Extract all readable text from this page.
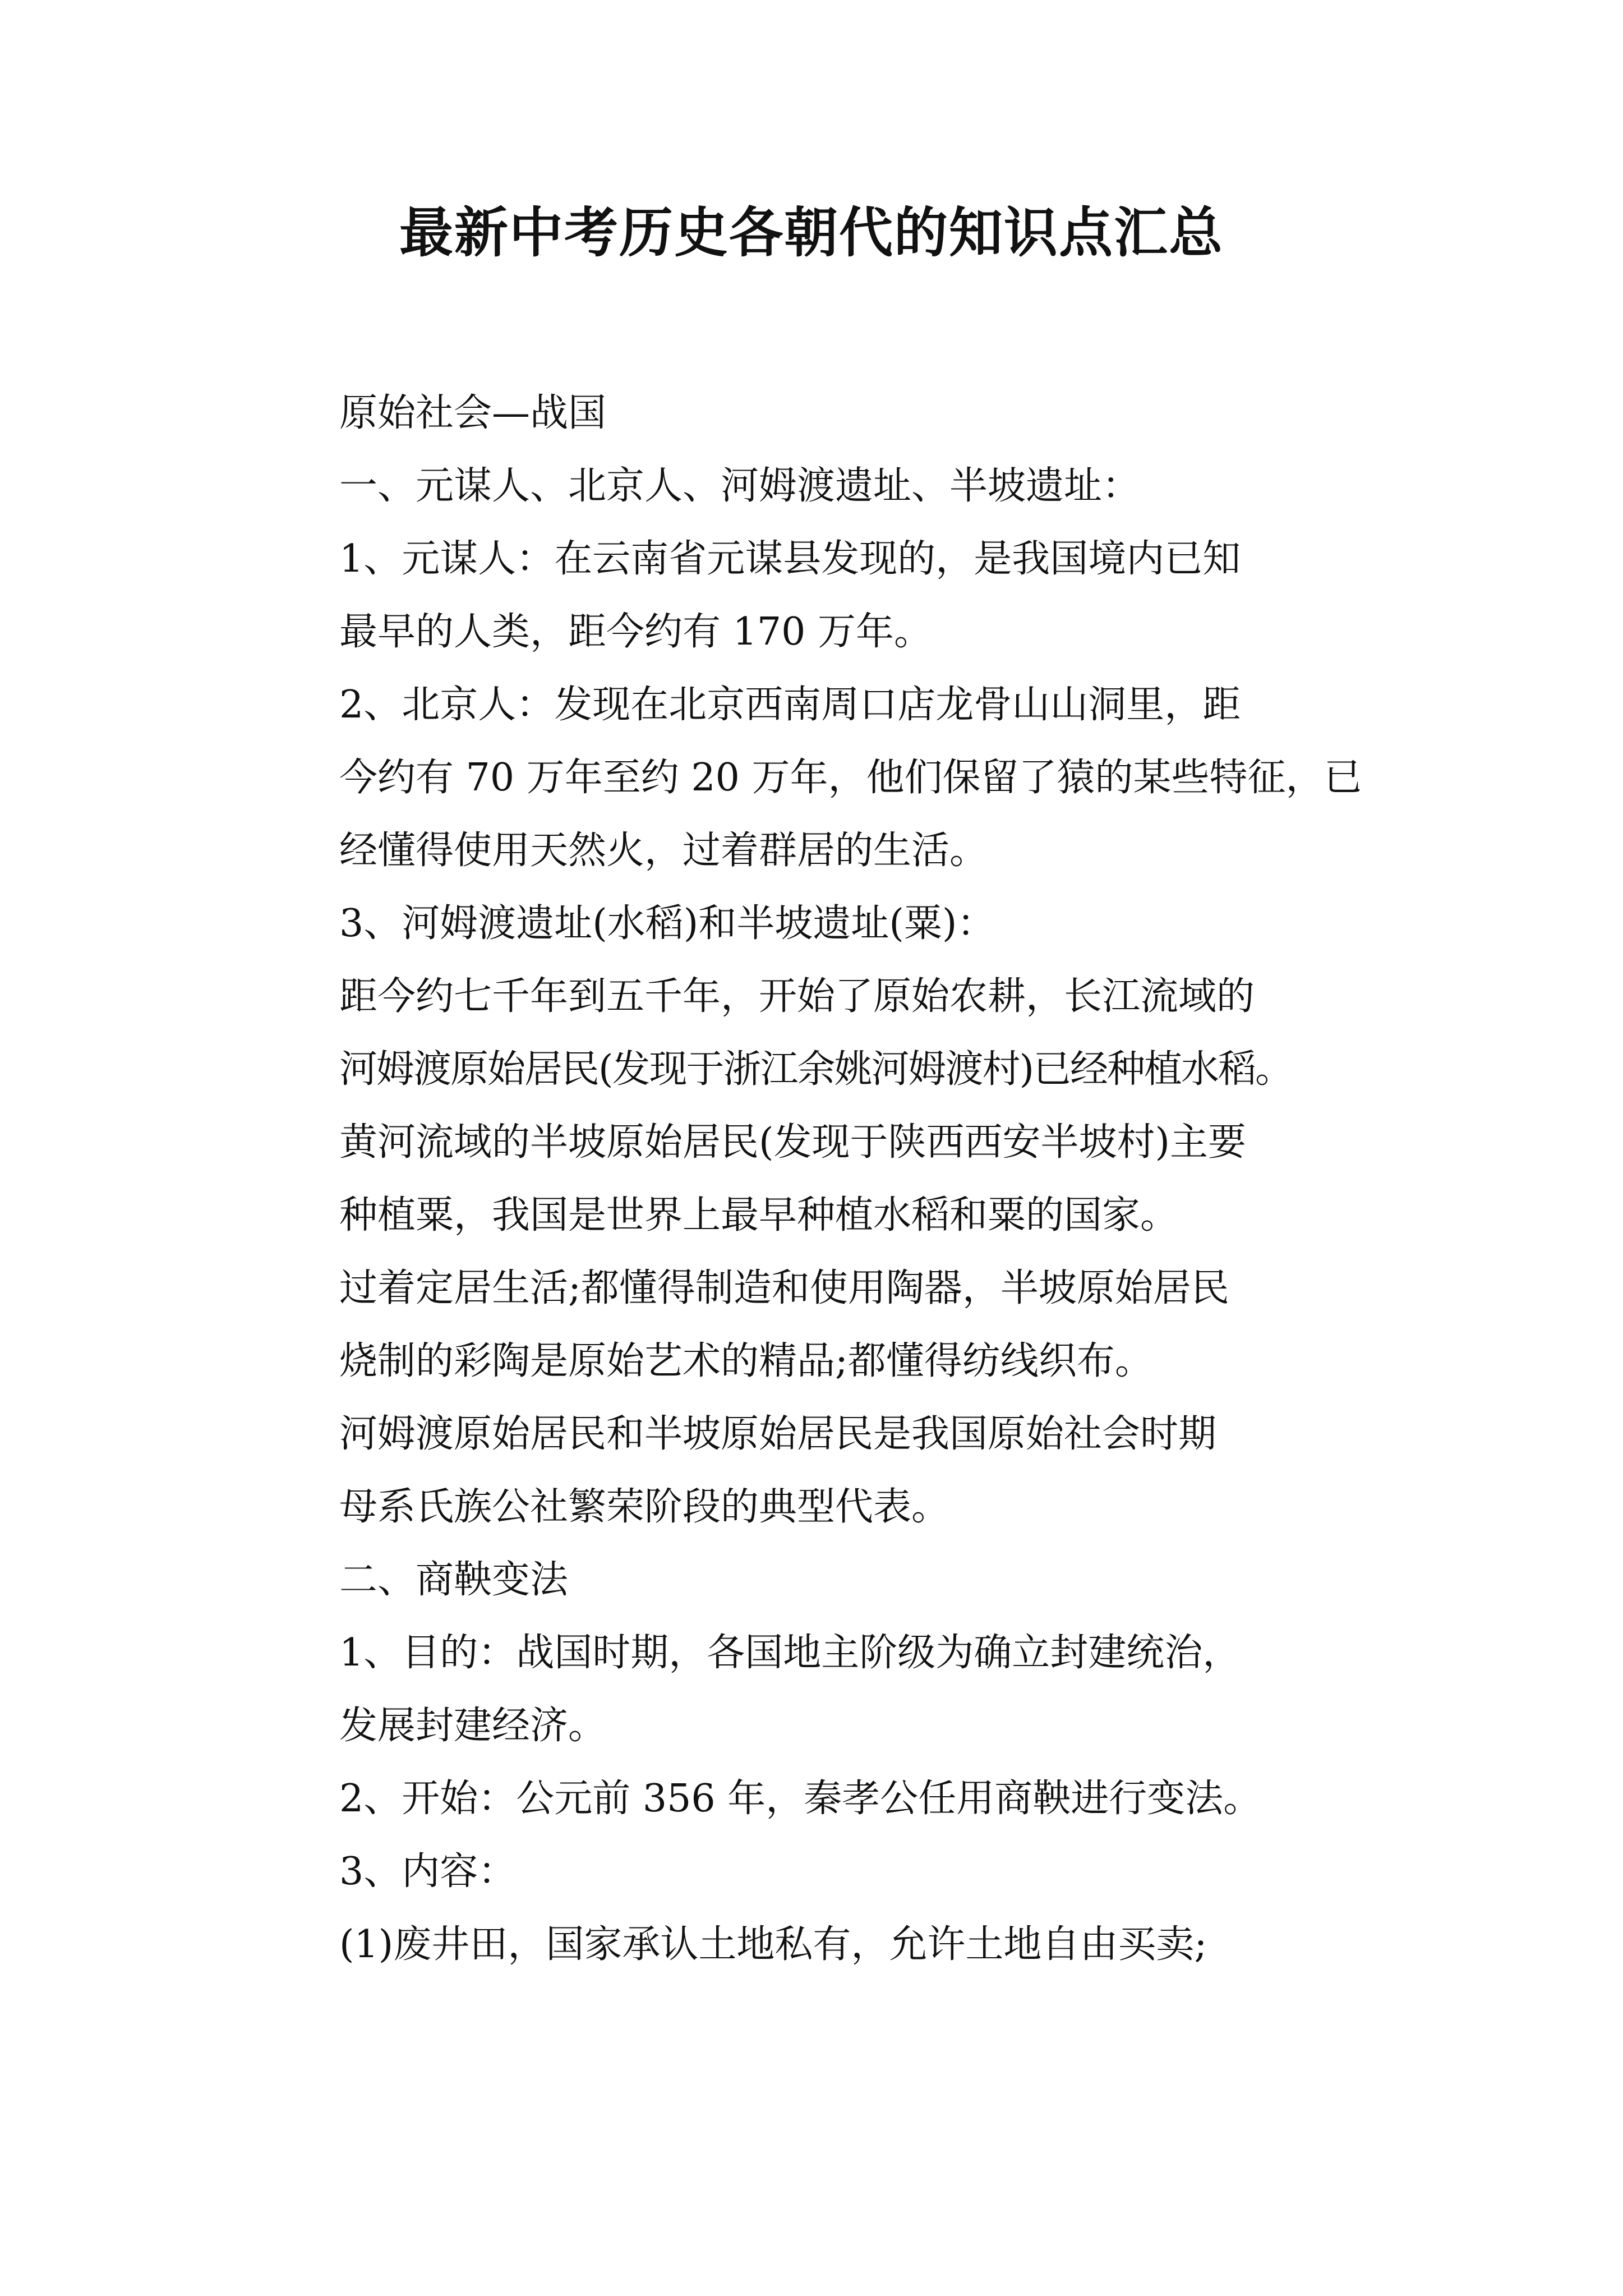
最新中考历史各朝代的知识点汇总

原始社会—战国

一、元谋人、北京人、河姆渡遗址、半坡遗址：

1、元谋人：在云南省元谋县发现的，是我国境内已知
最早的人类，距今约有 170 万年。

2、北京人：发现在北京西南周口店龙骨山山洞里，距
今约有 70 万年至约 20 万年，他们保留了猿的某些特征，已
经懂得使用天然火，过着群居的生活。

3、河姆渡遗址(水稻)和半坡遗址(粟)：

距今约七千年到五千年，开始了原始农耕，长江流域的
河姆渡原始居民(发现于浙江余姚河姆渡村)已经种植水稻。

黄河流域的半坡原始居民(发现于陕西西安半坡村)主要
种植粟，我国是世界上最早种植水稻和粟的国家。

过着定居生活;都懂得制造和使用陶器，半坡原始居民
烧制的彩陶是原始艺术的精品;都懂得纺线织布。

河姆渡原始居民和半坡原始居民是我国原始社会时期
母系氏族公社繁荣阶段的典型代表。

二、商鞅变法

1、目的：战国时期，各国地主阶级为确立封建统治，
发展封建经济。

2、开始：公元前 356 年，秦孝公任用商鞅进行变法。

3、内容：

(1)废井田，国家承认土地私有，允许土地自由买卖;
